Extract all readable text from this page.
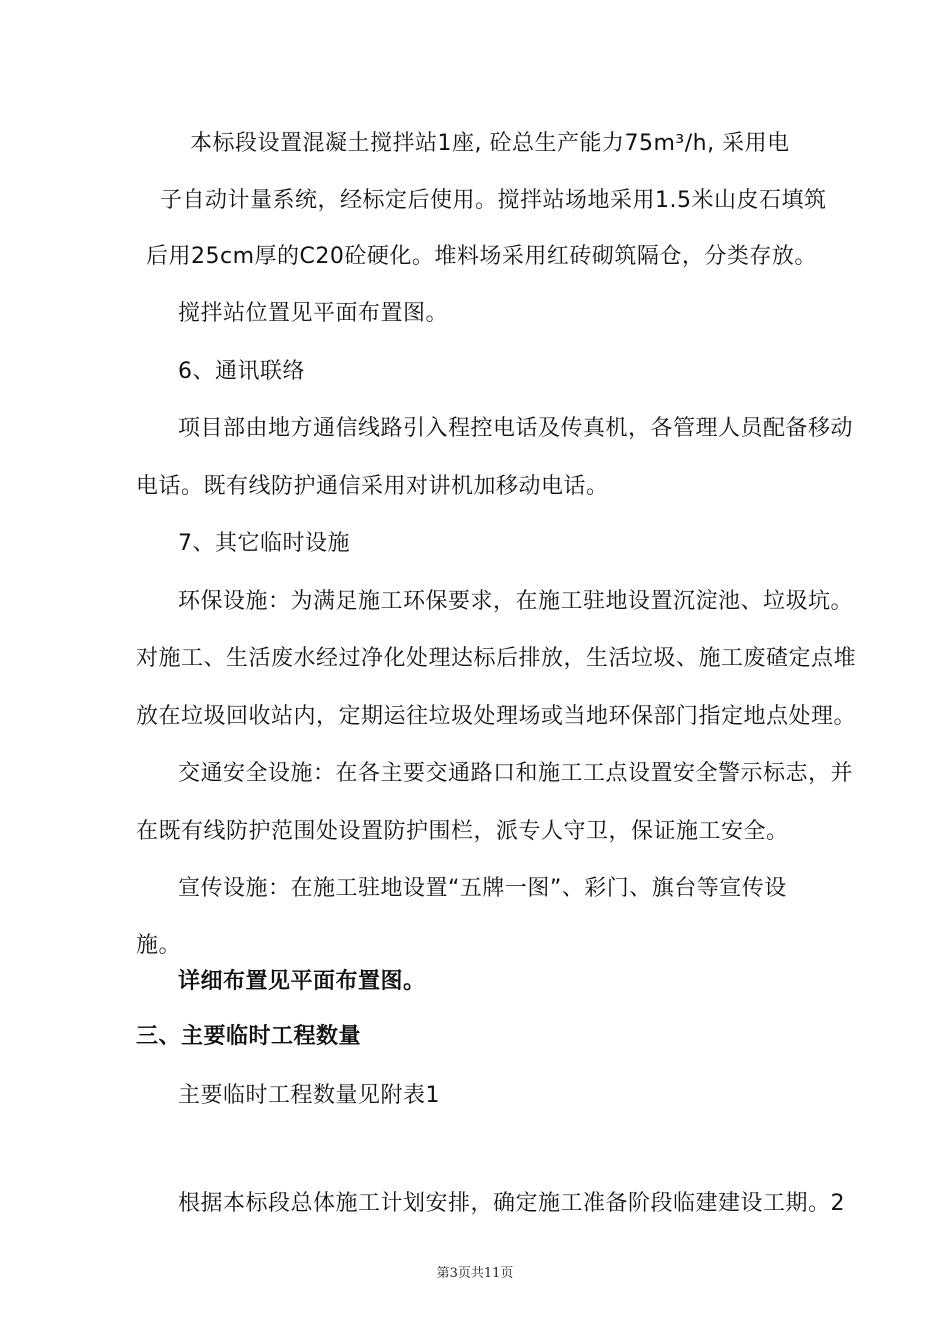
本标段设置混凝土搅拌站1座, 砼总生产能力75m³/h, 采用电
子自动计量系统，经标定后使用。搅拌站场地采用1.5米山皮石填筑
后用25cm厚的C20砼硬化。堆料场采用红砖砌筑隔仓，分类存放。
搅拌站位置见平面布置图。
6、通讯联络
项目部由地方通信线路引入程控电话及传真机，各管理人员配备移动
电话。既有线防护通信采用对讲机加移动电话。
7、其它临时设施
环保设施：为满足施工环保要求，在施工驻地设置沉淀池、垃圾坑。
对施工、生活废水经过净化处理达标后排放，生活垃圾、施工废碴定点堆
放在垃圾回收站内，定期运往垃圾处理场或当地环保部门指定地点处理。
交通安全设施：在各主要交通路口和施工工点设置安全警示标志，并
在既有线防护范围处设置防护围栏，派专人守卫，保证施工安全。
宣传设施：在施工驻地设置“五牌一图”、彩门、旗台等宣传设
施。
详细布置见平面布置图。
三、主要临时工程数量
主要临时工程数量见附表1
根据本标段总体施工计划安排，确定施工准备阶段临建建设工期。2
第3页共11页
